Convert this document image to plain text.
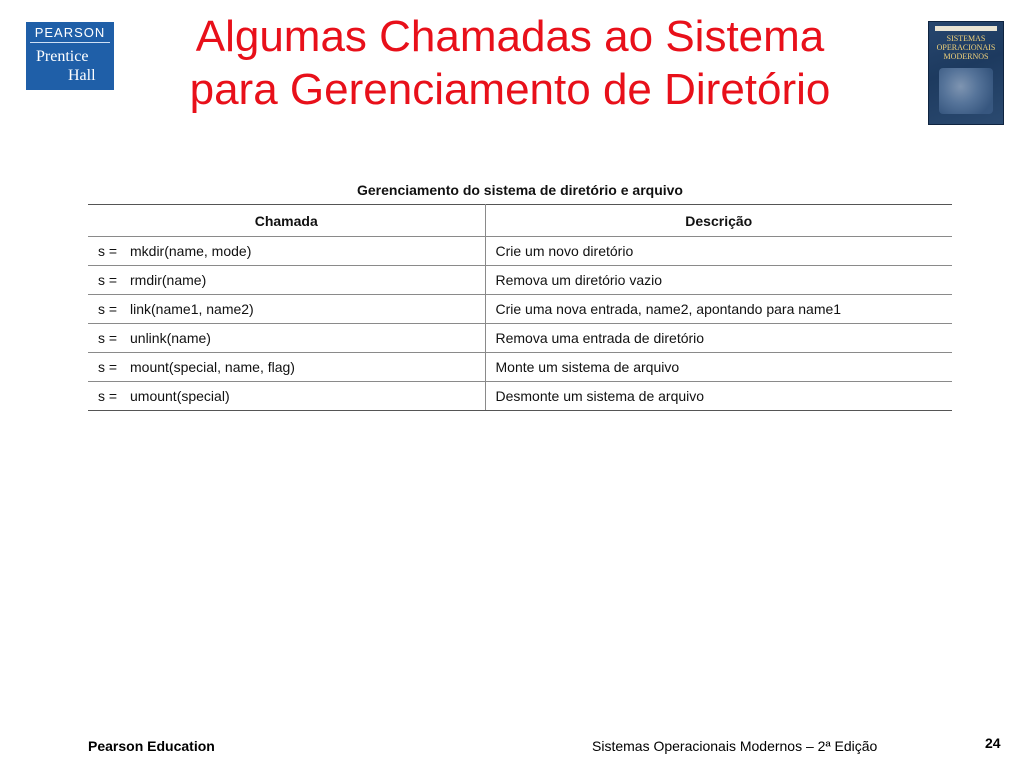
PEARSON
Prentice
Hall
Algumas Chamadas ao Sistema
para Gerenciamento de Diretório
SISTEMAS
OPERACIONAIS
MODERNOS
Gerenciamento do sistema de diretório e arquivo
Chamada	Descrição
s = mkdir(name, mode)	Crie um novo diretório
s = rmdir(name)	Remova um diretório vazio
s = link(name1, name2)	Crie uma nova entrada, name2, apontando para name1
s = unlink(name)	Remova uma entrada de diretório
s = mount(special, name, flag)	Monte um sistema de arquivo
s = umount(special)	Desmonte um sistema de arquivo
Pearson Education	Sistemas Operacionais Modernos – 2ª Edição	24
